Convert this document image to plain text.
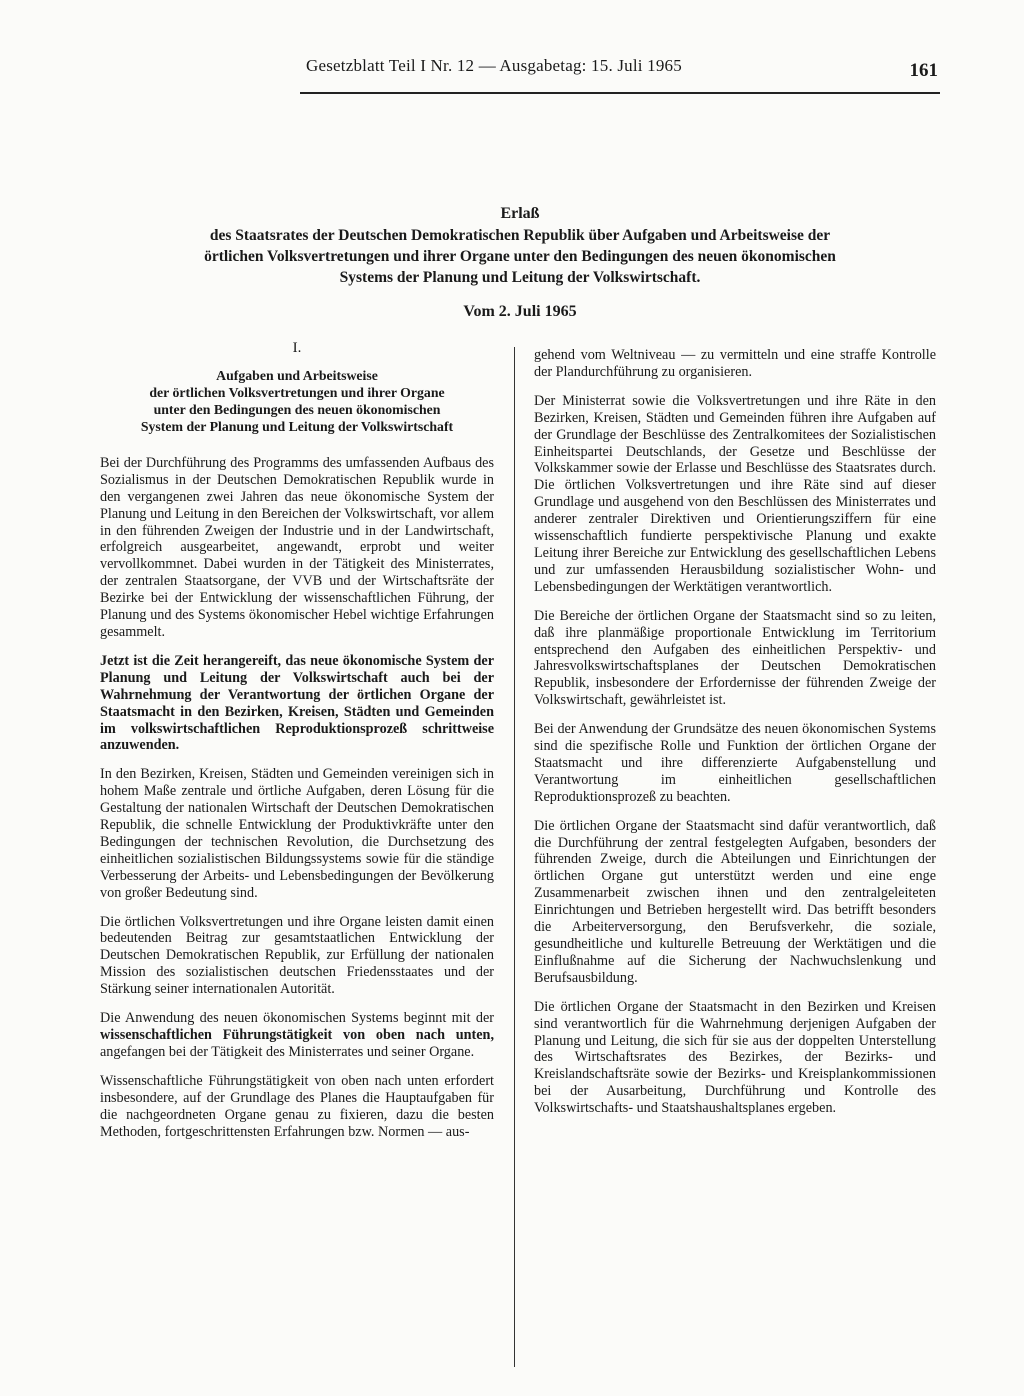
Gesetzblatt Teil I Nr. 12 — Ausgabetag: 15. Juli 1965	161
Erlaß
des Staatsrates der Deutschen Demokratischen Republik über Aufgaben und Arbeitsweise der
örtlichen Volksvertretungen und ihrer Organe unter den Bedingungen des neuen ökonomischen
Systems der Planung und Leitung der Volkswirtschaft.
Vom 2. Juli 1965
I.
Aufgaben und Arbeitsweise
der örtlichen Volksvertretungen und ihrer Organe
unter den Bedingungen des neuen ökonomischen
System der Planung und Leitung der Volkswirtschaft

Bei der Durchführung des Programms des umfassenden Aufbaus des Sozialismus in der Deutschen Demokratischen Republik wurde in den vergangenen zwei Jahren das neue ökonomische System der Planung und Leitung in den Bereichen der Volkswirtschaft, vor allem in den führenden Zweigen der Industrie und in der Landwirtschaft, erfolgreich ausgearbeitet, angewandt, erprobt und weiter vervollkommnet. Dabei wurden in der Tätigkeit des Ministerrates, der zentralen Staatsorgane, der VVB und der Wirtschaftsräte der Bezirke bei der Entwicklung der wissenschaftlichen Führung, der Planung und des Systems ökonomischer Hebel wichtige Erfahrungen gesammelt.

Jetzt ist die Zeit herangereift, das neue ökonomische System der Planung und Leitung der Volkswirtschaft auch bei der Wahrnehmung der Verantwortung der örtlichen Organe der Staatsmacht in den Bezirken, Kreisen, Städten und Gemeinden im volkswirtschaftlichen Reproduktionsprozeß schrittweise anzuwenden.

In den Bezirken, Kreisen, Städten und Gemeinden vereinigen sich in hohem Maße zentrale und örtliche Aufgaben, deren Lösung für die Gestaltung der nationalen Wirtschaft der Deutschen Demokratischen Republik, die schnelle Entwicklung der Produktivkräfte unter den Bedingungen der technischen Revolution, die Durchsetzung des einheitlichen sozialistischen Bildungssystems sowie für die ständige Verbesserung der Arbeits- und Lebensbedingungen der Bevölkerung von großer Bedeutung sind.

Die örtlichen Volksvertretungen und ihre Organe leisten damit einen bedeutenden Beitrag zur gesamtstaatlichen Entwicklung der Deutschen Demokratischen Republik, zur Erfüllung der nationalen Mission des sozialistischen deutschen Friedensstaates und der Stärkung seiner internationalen Autorität.

Die Anwendung des neuen ökonomischen Systems beginnt mit der wissenschaftlichen Führungstätigkeit von oben nach unten, angefangen bei der Tätigkeit des Ministerrates und seiner Organe.

Wissenschaftliche Führungstätigkeit von oben nach unten erfordert insbesondere, auf der Grundlage des Planes die Hauptaufgaben für die nachgeordneten Organe genau zu fixieren, dazu die besten Methoden, fortgeschrittensten Erfahrungen bzw. Normen — aus-

gehend vom Weltniveau — zu vermitteln und eine straffe Kontrolle der Plandurchführung zu organisieren.

Der Ministerrat sowie die Volksvertretungen und ihre Räte in den Bezirken, Kreisen, Städten und Gemeinden führen ihre Aufgaben auf der Grundlage der Beschlüsse des Zentralkomitees der Sozialistischen Einheitspartei Deutschlands, der Gesetze und Beschlüsse der Volkskammer sowie der Erlasse und Beschlüsse des Staatsrates durch. Die örtlichen Volksvertretungen und ihre Räte sind auf dieser Grundlage und ausgehend von den Beschlüssen des Ministerrates und anderer zentraler Direktiven und Orientierungsziffern für eine wissenschaftlich fundierte perspektivische Planung und exakte Leitung ihrer Bereiche zur Entwicklung des gesellschaftlichen Lebens und zur umfassenden Herausbildung sozialistischer Wohn- und Lebensbedingungen der Werktätigen verantwortlich.

Die Bereiche der örtlichen Organe der Staatsmacht sind so zu leiten, daß ihre planmäßige proportionale Entwicklung im Territorium entsprechend den Aufgaben des einheitlichen Perspektiv- und Jahresvolkswirtschaftsplanes der Deutschen Demokratischen Republik, insbesondere der Erfordernisse der führenden Zweige der Volkswirtschaft, gewährleistet ist.

Bei der Anwendung der Grundsätze des neuen ökonomischen Systems sind die spezifische Rolle und Funktion der örtlichen Organe der Staatsmacht und ihre differenzierte Aufgabenstellung und Verantwortung im einheitlichen gesellschaftlichen Reproduktionsprozeß zu beachten.

Die örtlichen Organe der Staatsmacht sind dafür verantwortlich, daß die Durchführung der zentral festgelegten Aufgaben, besonders der führenden Zweige, durch die Abteilungen und Einrichtungen der örtlichen Organe gut unterstützt werden und eine enge Zusammenarbeit zwischen ihnen und den zentralgeleiteten Einrichtungen und Betrieben hergestellt wird. Das betrifft besonders die Arbeiterversorgung, den Berufsverkehr, die soziale, gesundheitliche und kulturelle Betreuung der Werktätigen und die Einflußnahme auf die Sicherung der Nachwuchslenkung und Berufsausbildung.

Die örtlichen Organe der Staatsmacht in den Bezirken und Kreisen sind verantwortlich für die Wahrnehmung derjenigen Aufgaben der Planung und Leitung, die sich für sie aus der doppelten Unterstellung des Wirtschaftsrates des Bezirkes, der Bezirks- und Kreislandschaftsräte sowie der Bezirks- und Kreisplankommissionen bei der Ausarbeitung, Durchführung und Kontrolle des Volkswirtschafts- und Staatshaushaltsplanes ergeben.
